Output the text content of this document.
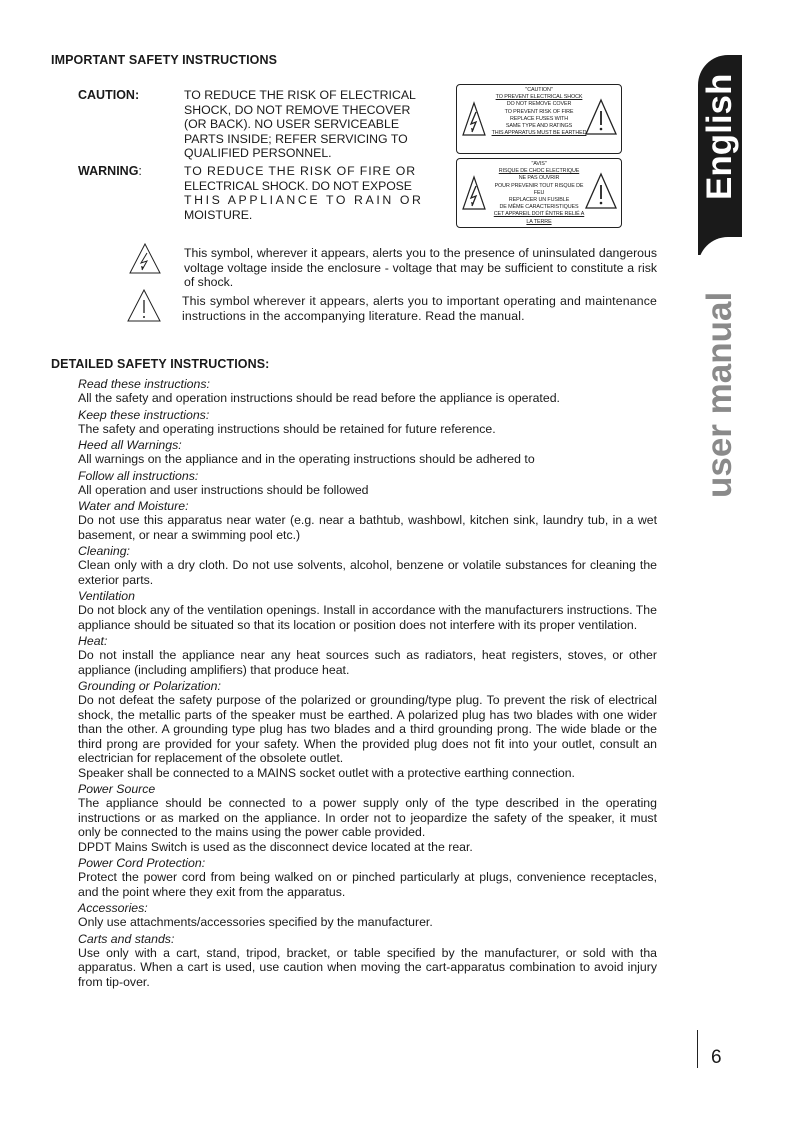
IMPORTANT SAFETY INSTRUCTIONS
CAUTION:	TO REDUCE THE RISK OF ELECTRICAL
SHOCK, DO NOT REMOVE THECOVER
(OR BACK). NO USER SERVICEABLE
PARTS INSIDE; REFER SERVICING TO
QUALIFIED PERSONNEL.
WARNING:	TO REDUCE THE RISK OF FIRE OR
ELECTRICAL SHOCK. DO NOT EXPOSE
THIS APPLIANCE TO RAIN OR
MOISTURE.
"CAUTION"
TO PREVENT ELECTRICAL SHOCK
DO NOT REMOVE COVER
TO PREVENT RISK OF FIRE
REPLACE FUSES WITH
SAME TYPE AND RATINGS
THIS APPARATUS MUST BE EARTHED
"AVIS"
RISQUE DE CHOC ELECTRIQUE
NE PAS OUVRIR
POUR PREVENIR TOUT RISQUE DE FEU
REPLACER UN FUSIBLE
DE MÊME CARACTERISTIQUES
CET APPAREIL DOIT ÊNTRE RELIÉ A LA TERRE
This symbol, wherever it appears, alerts you to the presence of uninsulated dangerous voltage voltage inside the enclosure - voltage that may be sufficient to constitute a risk of shock.
This symbol wherever it appears, alerts you to important operating and maintenance instructions in the accompanying literature. Read the manual.
DETAILED SAFETY INSTRUCTIONS:
Read these instructions:
All the safety and operation instructions should be read before the appliance is operated.
Keep these instructions:
The safety and operating instructions should be retained for future reference.
Heed all Warnings:
All warnings on the appliance and in the operating instructions should be adhered to
Follow all instructions:
All operation and user instructions should be followed
Water and Moisture:
Do not use this apparatus near water (e.g. near a bathtub, washbowl, kitchen sink, laundry tub, in a wet basement, or near a swimming pool etc.)
Cleaning:
Clean only with a dry cloth. Do not use solvents, alcohol, benzene or volatile substances for cleaning the exterior parts.
Ventilation
Do not block any of the ventilation openings. Install in accordance with the manufacturers instructions. The appliance should be situated so that its location or position does not interfere with its proper ventilation.
Heat:
Do not install the appliance near any heat sources such as radiators, heat registers, stoves, or other appliance (including amplifiers) that produce heat.
Grounding or Polarization:
Do not defeat the safety purpose of the polarized or grounding/type plug. To prevent the risk of electrical shock, the metallic parts of the speaker must be earthed. A polarized plug has two blades with one wider than the other. A grounding type plug has two blades and a third grounding prong. The wide blade or the third prong are provided for your safety. When the provided plug does not fit into your outlet, consult an electrician for replacement of the obsolete outlet.
Speaker shall be connected to a MAINS socket outlet with a protective earthing connection.
Power Source
The appliance should be connected to a power supply only of the type described in the operating instructions or as marked on the appliance. In order not to jeopardize the safety of the speaker, it must only be connected to the mains using the power cable provided.
DPDT Mains Switch is used as the disconnect device located at the rear.
Power Cord Protection:
Protect the power cord from being walked on or pinched particularly at plugs, convenience receptacles, and the point where they exit from the apparatus.
Accessories:
Only use attachments/accessories specified by the manufacturer.
Carts and stands:
Use only with a cart, stand, tripod, bracket, or table specified by the manufacturer, or sold with tha apparatus. When a cart is used, use caution when moving the cart-apparatus combination to avoid injury from tip-over.
English
user manual
6
